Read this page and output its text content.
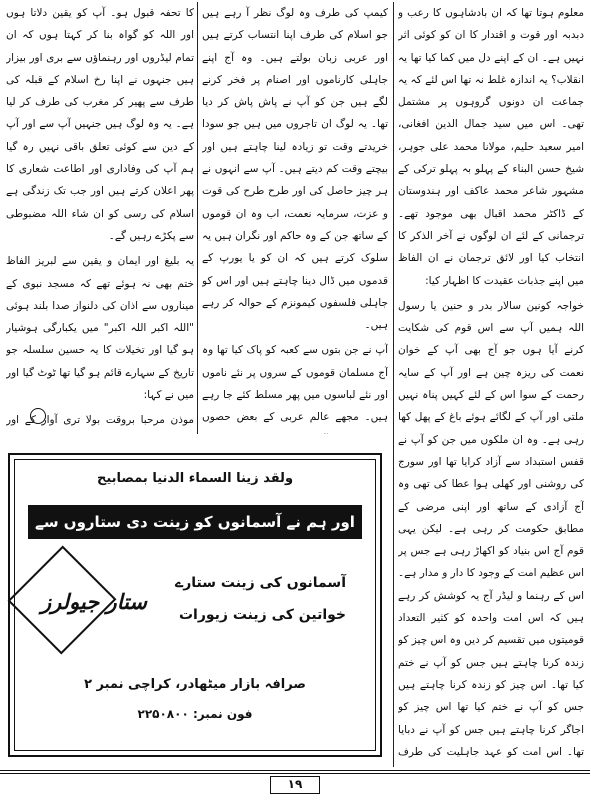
معلوم ہوتا تھا کہ ان بادشاہوں کا رعب و دبدبہ اور قوت و اقتدار کا ان کو کوئی اثر نہیں ہے۔ ان کے اپنے دل میں کما کیا تھا یہ انقلاب؟ یہ اندازہ غلط نہ تھا اس لئے کہ یہ جماعت ان دونوں گروہوں پر مشتمل تھی۔ اس میں سید جمال الدین افغانی، امیر سعید حلیم، مولانا محمد علی جوہر، شیخ حسن البناء کے پہلو بہ پہلو ترکی کے مشہور شاعر محمد عاکف اور ہندوستان کے ڈاکٹر محمد اقبال بھی موجود تھے۔ ترجمانی کے لئے ان لوگوں نے آخر الذکر کا انتخاب کیا اور لائق ترجمان نے ان الفاظ میں اپنے جذبات عقیدت کا اظہار کیا:

خواجہ کونین سالار بدر و حنین یا رسول اللہ ہمیں آپ سے اس قوم کی شکایت کرنے آیا ہوں جو آج بھی آپ کے خوان نعمت کی ریزہ چین ہے اور آپ کے سایہ رحمت کے سوا اس کے لئے کہیں پناہ نہیں ملتی اور آپ کے لگائے ہوئے باغ کے پھل کھا رہی ہے۔ وہ ان ملکوں میں جن کو آپ نے قفس استبداد سے آزاد کرایا تھا اور سورج کی روشنی اور کھلی ہوا عطا کی تھی وہ آج آزادی کے ساتھ اور اپنی مرضی کے مطابق حکومت کر رہی ہے۔ لیکن یہی قوم آج اس بنیاد کو اکھاڑ رہی ہے جس پر اس عظیم امت کے وجود کا دار و مدار ہے۔ اس کے رہنما و لیڈر آج یہ کوشش کر رہے ہیں کہ اس امت واحدہ کو کثیر التعداد قومیتوں میں تقسیم کر دیں وہ اس چیز کو زندہ کرنا چاہتے ہیں جس کو آپ نے ختم کیا تھا۔ اس چیز کو زندہ کرنا چاہتے ہیں جس کو آپ نے ختم کیا تھا اس چیز کو اجاگر کرنا چاہتے ہیں جس کو آپ نے دبایا تھا۔ اس امت کو عہد جاہلیت کی طرف

کیمپ کی طرف وہ لوگ نظر آ رہے ہیں جو اسلام کی طرف اپنا انتساب کرتے ہیں اور عربی زبان بولتے ہیں۔ وہ آج اپنے جاہلی کارناموں اور اصنام پر فخر کرنے لگے ہیں جن کو آپ نے پاش پاش کر دیا تھا۔ یہ لوگ ان تاجروں میں ہیں جو سودا خریدتے وقت تو زیادہ لینا چاہتے ہیں اور بیچتے وقت کم دیتے ہیں۔ آپ سے انہوں نے ہر چیز حاصل کی اور طرح طرح کی قوت و عزت، سرمایہ نعمت، اب وہ ان قوموں کے ساتھ جن کے وہ حاکم اور نگران ہیں یہ سلوک کرتے ہیں کہ ان کو یا یورپ کے قدموں میں ڈال دینا چاہتے ہیں اور اس کو جاہلی فلسفوں کیمونزم کے حوالہ کر رہے ہیں۔

آپ نے جن بتوں سے کعبہ کو پاک کیا تھا وہ آج مسلمان قوموں کے سروں پر نئے ناموں اور نئے لباسوں میں پھر مسلط کئے جا رہے ہیں۔ مجھے عالم عربی کے بعض حصوں

کا تحفہ قبول ہو۔ آپ کو یقین دلاتا ہوں اور اللہ کو گواہ بنا کر کہتا ہوں کہ ان تمام لیڈروں اور رہنماؤں سے بری اور بیزار ہیں جنہوں نے اپنا رخ اسلام کے قبلہ کی طرف سے پھیر کر مغرب کی طرف کر لیا ہے۔ یہ وہ لوگ ہیں جنہیں آپ سے اور آپ کے دین سے کوئی تعلق باقی نہیں رہ گیا ہم آپ کی وفاداری اور اطاعت شعاری کا پھر اعلان کرتے ہیں اور جب تک زندگی ہے اسلام کی رسی کو ان شاء اللہ مضبوطی سے پکڑے رہیں گے۔

یہ بلیغ اور ایمان و یقین سے لبریز الفاظ ختم بھی نہ ہوئے تھے کہ مسجد نبوی کے میناروں سے اذان کی دلنواز صدا بلند ہوئی "اللہ اکبر اللہ اکبر" میں یکبارگی ہوشیار ہو گیا اور تخیلات کا یہ حسین سلسلہ جو تاریخ کے سہارے قائم ہو گیا تھا ٹوٹ گیا اور میں نے کہا:

موذن مرحبا بروقت بولا تری آواز کے اور

ولقد زینا السماء الدنیا بمصابیح
اور ہم نے آسمانوں کو زینت دی ستاروں سے
آسمانوں کی زینت ستارے
خواتین کی زینت زیورات
ستار جیولرز
صرافہ بازار میٹھادر، کراچی نمبر ۲
فون نمبر: ۲۲۵۰۸۰۰
۱۹
